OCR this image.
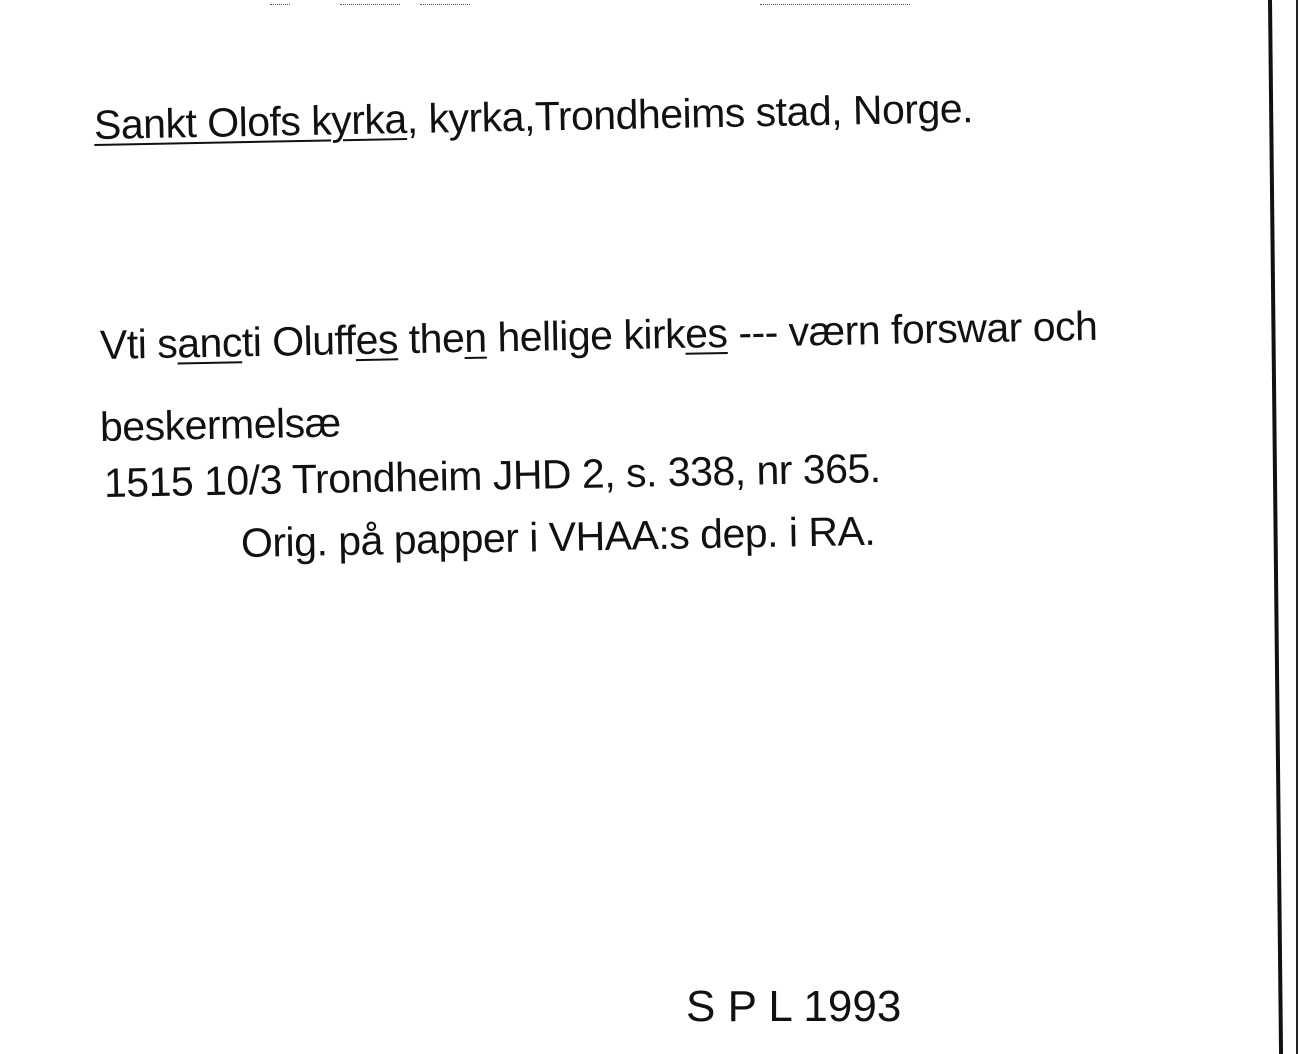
Sankt Olofs kyrka, kyrka,Trondheims stad, Norge.
Vti sancti Oluffes then hellige kirkes --- værn forswar och
beskermelsæ
1515 10/3 Trondheim JHD 2, s. 338, nr 365.
Orig. på papper i VHAA:s dep. i RA.
S P L 1993
